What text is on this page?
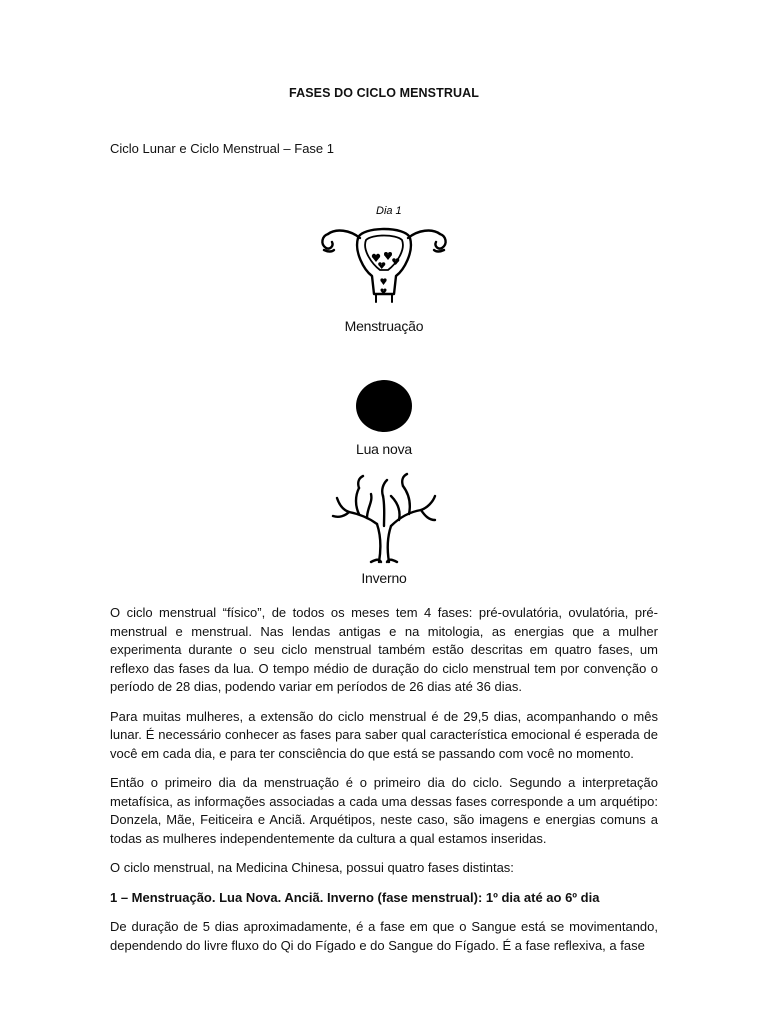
FASES DO CICLO MENSTRUAL
Ciclo Lunar e Ciclo Menstrual – Fase 1
Dia 1
Menstruação
Lua nova
Inverno

O ciclo menstrual “físico”, de todos os meses tem 4 fases: pré-ovulatória, ovulatória, pré-menstrual e menstrual. Nas lendas antigas e na mitologia, as energias que a mulher experimenta durante o seu ciclo menstrual também estão descritas em quatro fases, um reflexo das fases da lua. O tempo médio de duração do ciclo menstrual tem por convenção o período de 28 dias, podendo variar em períodos de 26 dias até 36 dias.

Para muitas mulheres, a extensão do ciclo menstrual é de 29,5 dias, acompanhando o mês lunar. É necessário conhecer as fases para saber qual característica emocional é esperada de você em cada dia, e para ter consciência do que está se passando com você no momento.

Então o primeiro dia da menstruação é o primeiro dia do ciclo. Segundo a interpretação metafísica, as informações associadas a cada uma dessas fases corresponde a um arquétipo: Donzela, Mãe, Feiticeira e Anciã. Arquétipos, neste caso, são imagens e energias comuns a todas as mulheres independentemente da cultura a qual estamos inseridas.

O ciclo menstrual, na Medicina Chinesa, possui quatro fases distintas:

1 – Menstruação. Lua Nova. Anciã. Inverno (fase menstrual): 1º dia até ao 6º dia

De duração de 5 dias aproximadamente, é a fase em que o Sangue está se movimentando, dependendo do livre fluxo do Qi do Fígado e do Sangue do Fígado. É a fase reflexiva, a fase
